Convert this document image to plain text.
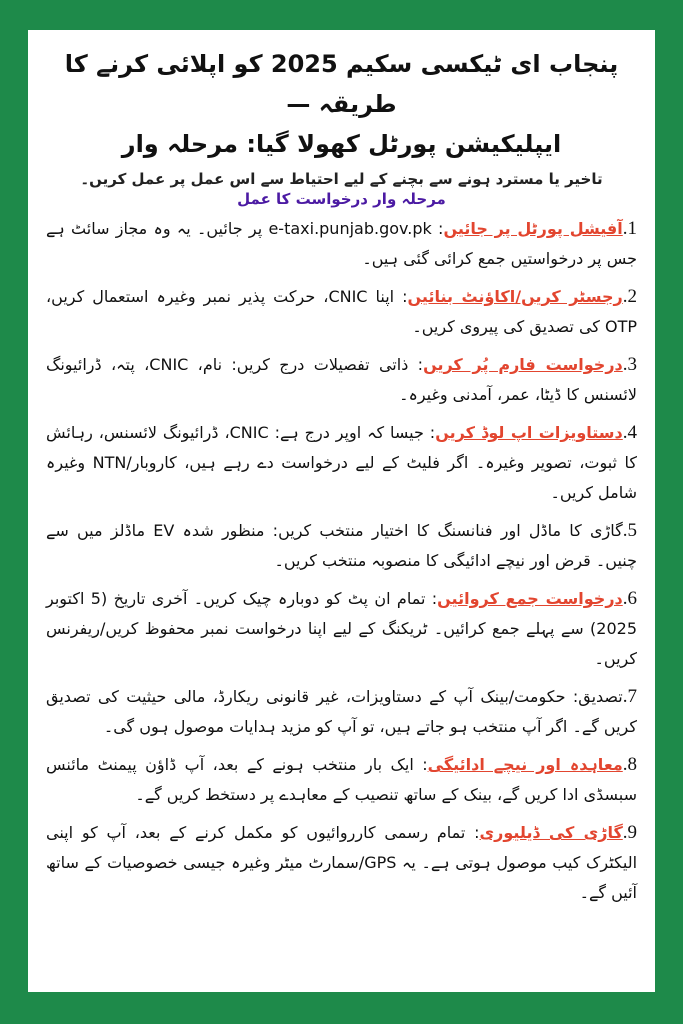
پنجاب ای ٹیکسی سکیم 2025 کو اپلائی کرنے کا طریقہ —
ایپلیکیشن پورٹل کھولا گیا: مرحلہ وار

تاخیر یا مسترد ہونے سے بچنے کے لیے احتیاط سے اس عمل پر عمل کریں۔

مرحلہ وار درخواست کا عمل

1.آفیشل پورٹل پر جائیں: e-taxi.punjab.gov.pk پر جائیں۔ یہ وہ مجاز سائٹ ہے جس پر درخواستیں جمع کرائی گئی ہیں۔

2.رجسٹر کریں/اکاؤنٹ بنائیں: اپنا CNIC، حرکت پذیر نمبر وغیرہ استعمال کریں، OTP کی تصدیق کی پیروی کریں۔

3.درخواست فارم پُر کریں: ذاتی تفصیلات درج کریں: نام، CNIC، پتہ، ڈرائیونگ لائسنس کا ڈیٹا، عمر، آمدنی وغیرہ۔

4.دستاویزات اپ لوڈ کریں: جیسا کہ اوپر درج ہے: CNIC، ڈرائیونگ لائسنس، رہائش کا ثبوت، تصویر وغیرہ۔ اگر فلیٹ کے لیے درخواست دے رہے ہیں، کاروبار/NTN وغیرہ شامل کریں۔

5.گاڑی کا ماڈل اور فنانسنگ کا اختیار منتخب کریں: منظور شدہ EV ماڈلز میں سے چنیں۔ قرض اور نیچے ادائیگی کا منصوبہ منتخب کریں۔

6.درخواست جمع کروائیں: تمام ان پٹ کو دوبارہ چیک کریں۔ آخری تاریخ (5 اکتوبر 2025) سے پہلے جمع کرائیں۔ ٹریکنگ کے لیے اپنا درخواست نمبر محفوظ کریں/ریفرنس کریں۔

7.تصدیق: حکومت/بینک آپ کے دستاویزات، غیر قانونی ریکارڈ، مالی حیثیت کی تصدیق کریں گے۔ اگر آپ منتخب ہو جاتے ہیں، تو آپ کو مزید ہدایات موصول ہوں گی۔

8.معاہدہ اور نیچے ادائیگی: ایک بار منتخب ہونے کے بعد، آپ ڈاؤن پیمنٹ مائنس سبسڈی ادا کریں گے، بینک کے ساتھ تنصیب کے معاہدے پر دستخط کریں گے۔

9.گاڑی کی ڈیلیوری: تمام رسمی کارروائیوں کو مکمل کرنے کے بعد، آپ کو اپنی الیکٹرک کیب موصول ہوتی ہے۔ یہ GPS/سمارٹ میٹر وغیرہ جیسی خصوصیات کے ساتھ آئیں گے۔
